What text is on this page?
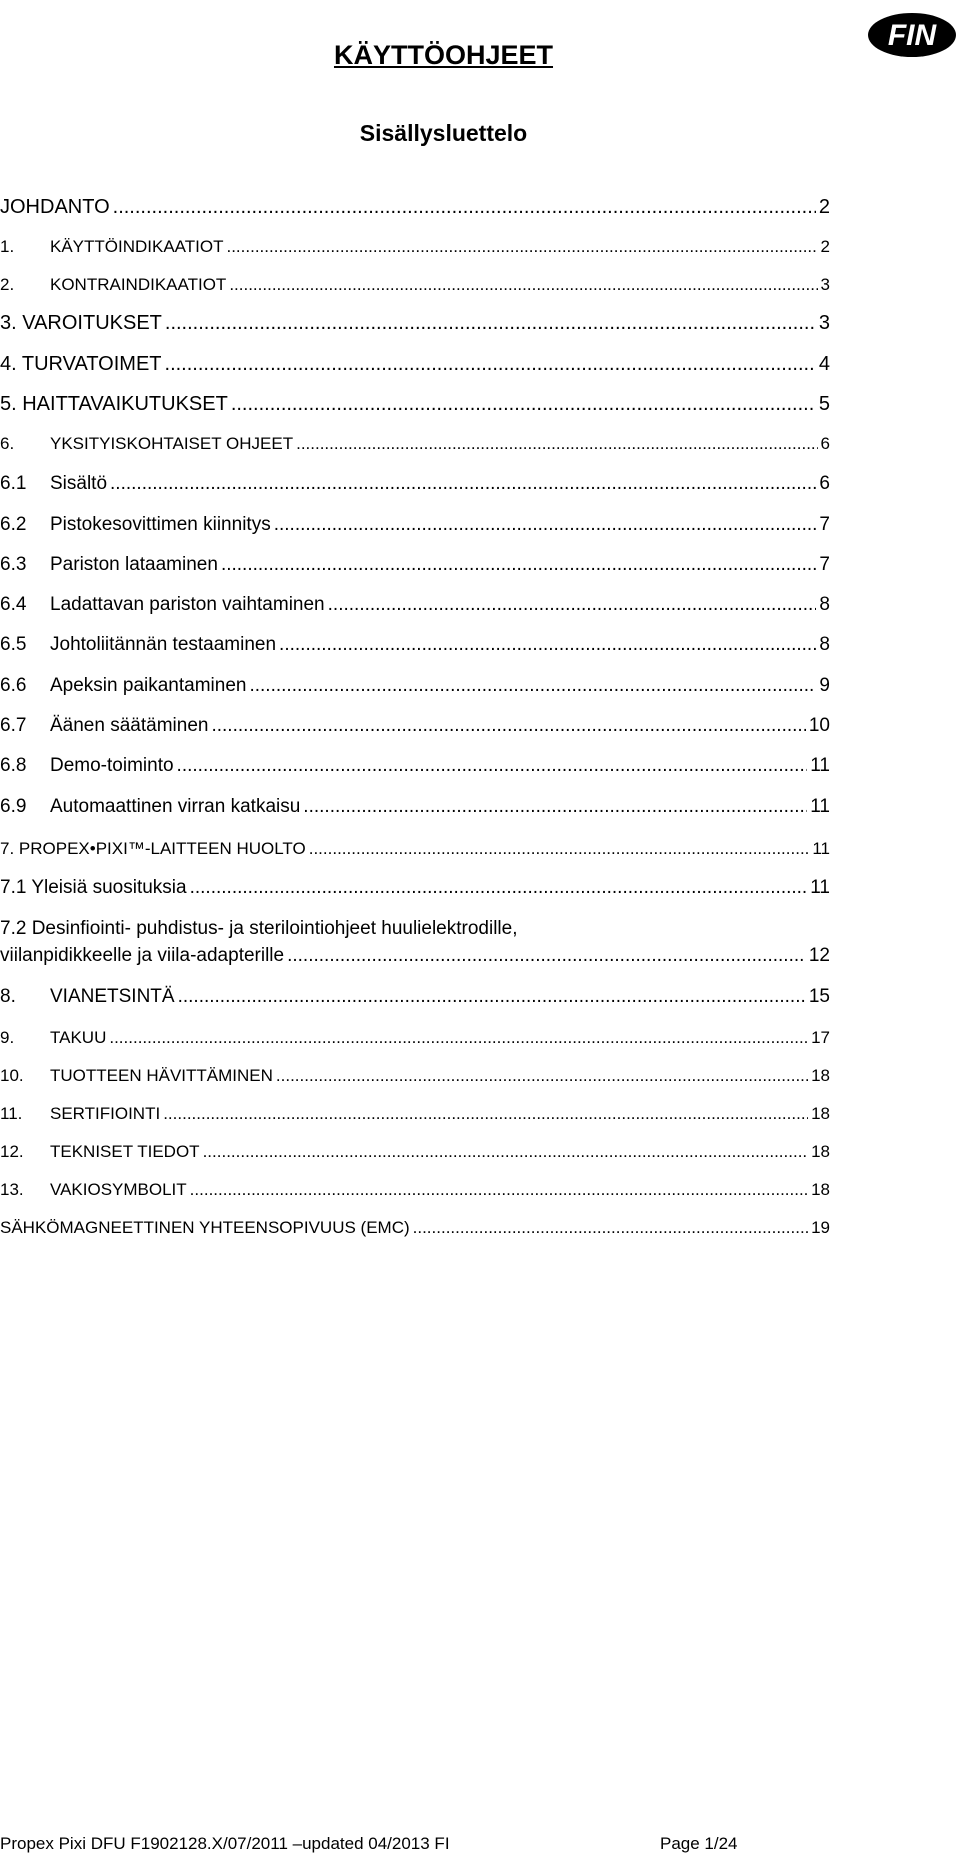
FIN
KÄYTTÖOHJEET
Sisällysluettelo
JOHDANTO .....	2
1.	KÄYTTÖINDIKAATIOT .....	2
2.	KONTRAINDIKAATIOT .....	3
3. VAROITUKSET .....	3
4. TURVATOIMET .....	4
5. HAITTAVAIKUTUKSET .....	5
6.	YKSITYISKOHTAISET OHJEET .....	6
6.1	Sisältö .....	6
6.2	Pistokesovittimen kiinnitys .....	7
6.3	Pariston lataaminen .....	7
6.4	Ladattavan pariston vaihtaminen .....	8
6.5	Johtoliitännän testaaminen .....	8
6.6	Apeksin paikantaminen .....	9
6.7	Äänen säätäminen .....	10
6.8	Demo-toiminto .....	11
6.9	Automaattinen virran katkaisu .....	11
7. PROPEX•PIXI™-LAITTEEN HUOLTO .....	11
7.1 Yleisiä suosituksia .....	11
7.2 Desinfiointi- puhdistus- ja sterilointiohjeet huulielektrodille,
viilanpidikkeelle ja viila-adapterille .....	12
8.	VIANETSINTÄ .....	15
9.	TAKUU .....	17
10.	TUOTTEEN HÄVITTÄMINEN .....	18
11.	SERTIFIOINTI .....	18
12.	TEKNISET TIEDOT .....	18
13.	VAKIOSYMBOLIT .....	18
SÄHKÖMAGNEETTINEN YHTEENSOPIVUUS (EMC) .....	19
Propex Pixi DFU F1902128.X/07/2011 –updated 04/2013 FI	Page 1/24
